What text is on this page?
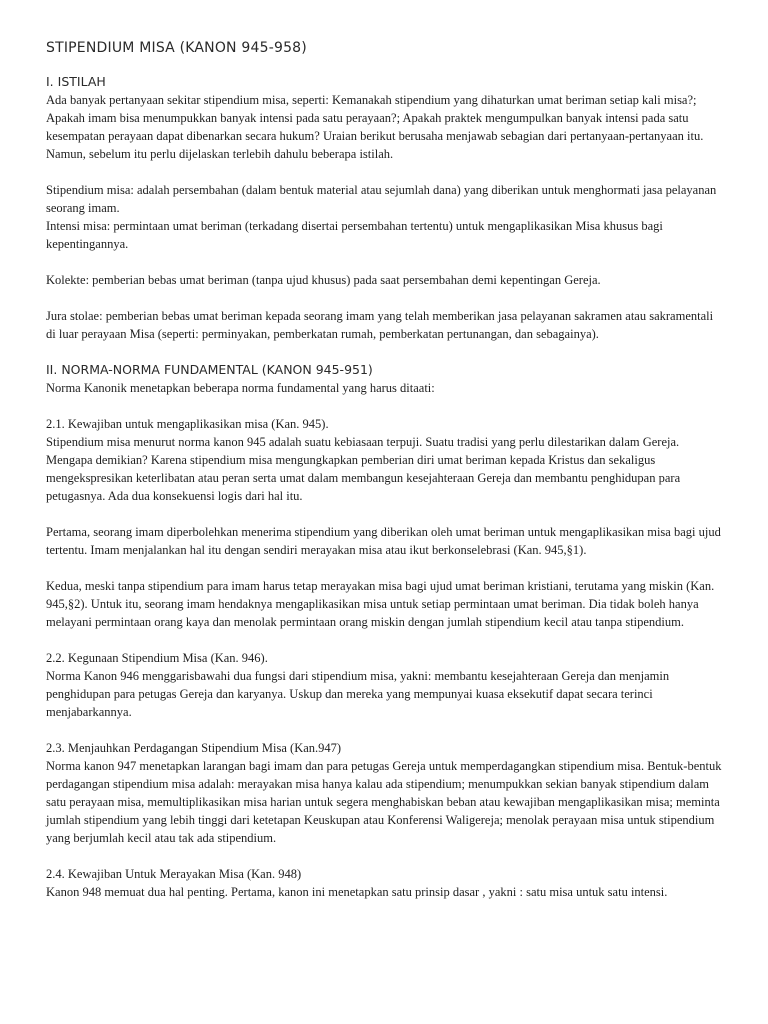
STIPENDIUM MISA (KANON 945-958)
I. ISTILAH

Ada banyak pertanyaan sekitar stipendium misa, seperti: Kemanakah stipendium yang dihaturkan umat beriman setiap kali misa?; Apakah imam bisa menumpukkan banyak intensi pada satu perayaan?; Apakah praktek mengumpulkan banyak intensi pada satu kesempatan perayaan dapat dibenarkan secara hukum? Uraian berikut berusaha menjawab sebagian dari pertanyaan-pertanyaan itu. Namun, sebelum itu perlu dijelaskan terlebih dahulu beberapa istilah.

Stipendium misa: adalah persembahan (dalam bentuk material atau sejumlah dana) yang diberikan untuk menghormati jasa pelayanan seorang imam.

Intensi misa: permintaan umat beriman (terkadang disertai persembahan tertentu) untuk mengaplikasikan Misa khusus bagi kepentingannya.

Kolekte: pemberian bebas umat beriman (tanpa ujud khusus) pada saat persembahan demi kepentingan Gereja.

Jura stolae: pemberian bebas umat beriman kepada seorang imam yang telah memberikan jasa pelayanan sakramen atau sakramentali di luar perayaan Misa (seperti: perminyakan, pemberkatan rumah, pemberkatan pertunangan, dan sebagainya).

II. NORMA-NORMA FUNDAMENTAL (KANON 945-951)

Norma Kanonik menetapkan beberapa norma fundamental yang harus ditaati:

2.1. Kewajiban untuk mengaplikasikan misa (Kan. 945).

Stipendium misa menurut norma kanon 945 adalah suatu kebiasaan terpuji. Suatu tradisi yang perlu dilestarikan dalam Gereja. Mengapa demikian? Karena stipendium misa mengungkapkan pemberian diri umat beriman kepada Kristus dan sekaligus mengekspresikan keterlibatan atau peran serta umat dalam membangun kesejahteraan Gereja dan membantu penghidupan para petugasnya. Ada dua konsekuensi logis dari hal itu.

Pertama, seorang imam diperbolehkan menerima stipendium yang diberikan oleh umat beriman untuk mengaplikasikan misa bagi ujud tertentu. Imam menjalankan hal itu dengan sendiri merayakan misa atau ikut berkonselebrasi (Kan. 945,§1).

Kedua, meski tanpa stipendium para imam harus tetap merayakan misa bagi ujud umat beriman kristiani, terutama yang miskin (Kan. 945,§2). Untuk itu, seorang imam hendaknya mengaplikasikan misa untuk setiap permintaan umat beriman. Dia tidak boleh hanya melayani permintaan orang kaya dan menolak permintaan orang miskin dengan jumlah stipendium kecil atau tanpa stipendium.

2.2. Kegunaan Stipendium Misa (Kan. 946).

Norma Kanon 946 menggarisbawahi dua fungsi dari stipendium misa, yakni: membantu kesejahteraan Gereja dan menjamin penghidupan para petugas Gereja dan karyanya. Uskup dan mereka yang mempunyai kuasa eksekutif dapat secara terinci menjabarkannya.

2.3. Menjauhkan Perdagangan Stipendium Misa (Kan.947)

Norma kanon 947 menetapkan larangan bagi imam dan para petugas Gereja untuk memperdagangkan stipendium misa. Bentuk-bentuk perdagangan stipendium misa adalah: merayakan misa hanya kalau ada stipendium; menumpukkan sekian banyak stipendium dalam satu perayaan misa, memultiplikasikan misa harian untuk segera menghabiskan beban atau kewajiban mengaplikasikan misa; meminta jumlah stipendium yang lebih tinggi dari ketetapan Keuskupan atau Konferensi Waligereja; menolak perayaan misa untuk stipendium yang berjumlah kecil atau tak ada stipendium.

2.4. Kewajiban Untuk Merayakan Misa (Kan. 948)

Kanon 948 memuat dua hal penting. Pertama, kanon ini menetapkan satu prinsip dasar , yakni : satu misa untuk satu intensi.
